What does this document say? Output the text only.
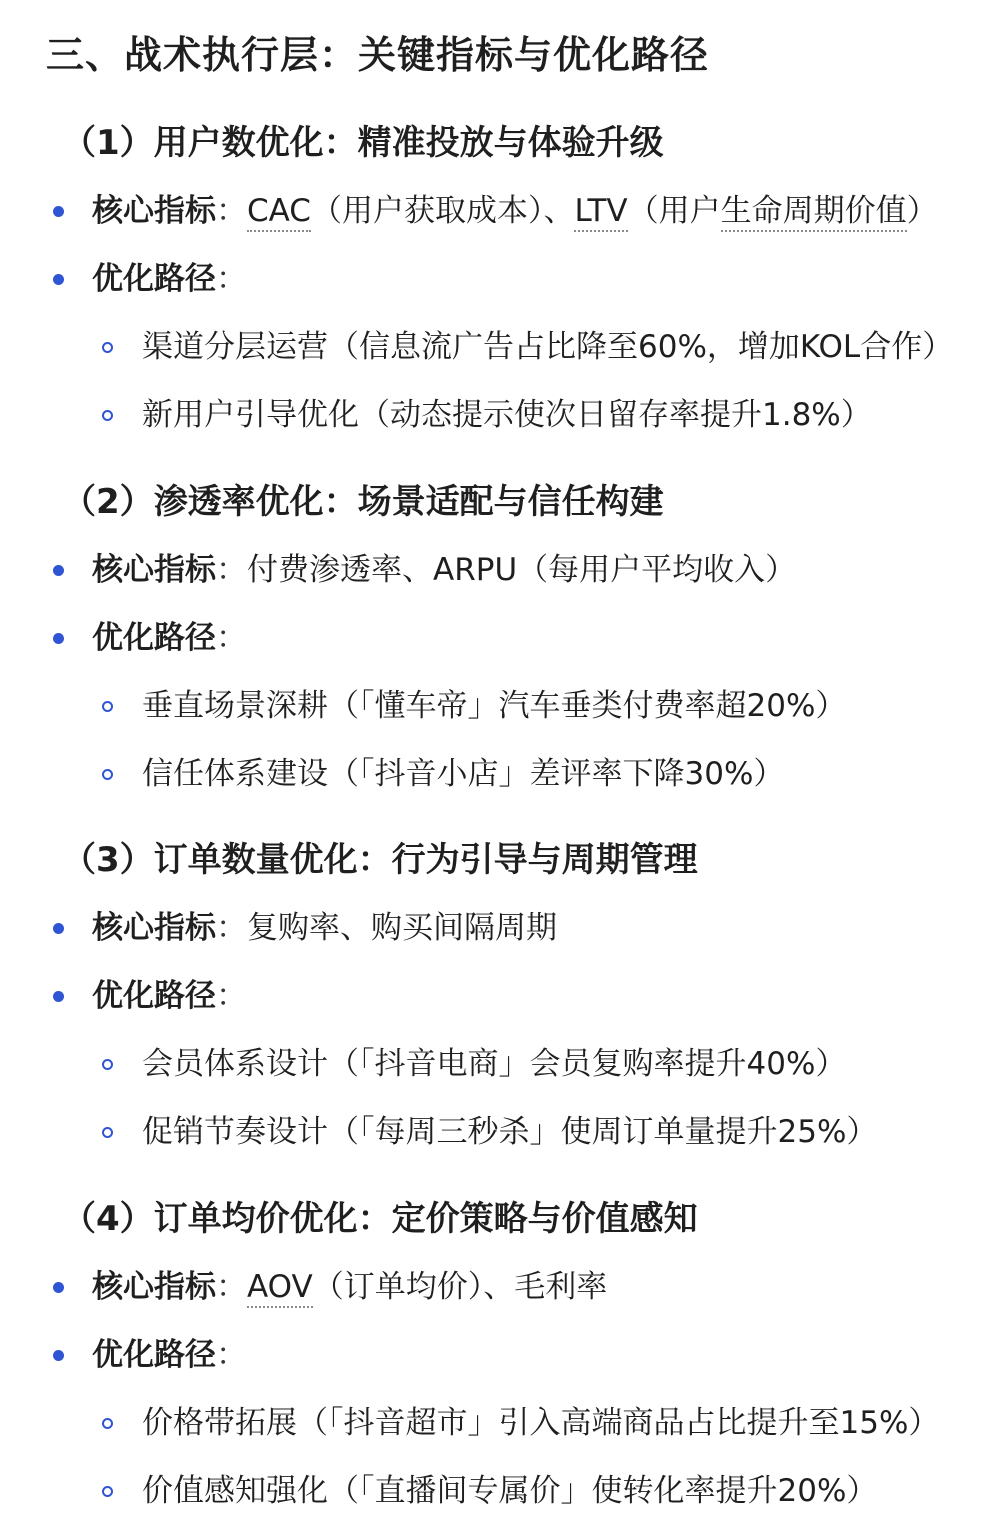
三、战术执行层：关键指标与优化路径
（1）用户数优化：精准投放与体验升级
核心指标：CAC（用户获取成本）、LTV（用户生命周期价值）
优化路径：
渠道分层运营（信息流广告占比降至60%，增加KOL合作）
新用户引导优化（动态提示使次日留存率提升1.8%）
（2）渗透率优化：场景适配与信任构建
核心指标：付费渗透率、ARPU（每用户平均收入）
优化路径：
垂直场景深耕（「懂车帝」汽车垂类付费率超20%）
信任体系建设（「抖音小店」差评率下降30%）
（3）订单数量优化：行为引导与周期管理
核心指标：复购率、购买间隔周期
优化路径：
会员体系设计（「抖音电商」会员复购率提升40%）
促销节奏设计（「每周三秒杀」使周订单量提升25%）
（4）订单均价优化：定价策略与价值感知
核心指标：AOV（订单均价）、毛利率
优化路径：
价格带拓展（「抖音超市」引入高端商品占比提升至15%）
价值感知强化（「直播间专属价」使转化率提升20%）
